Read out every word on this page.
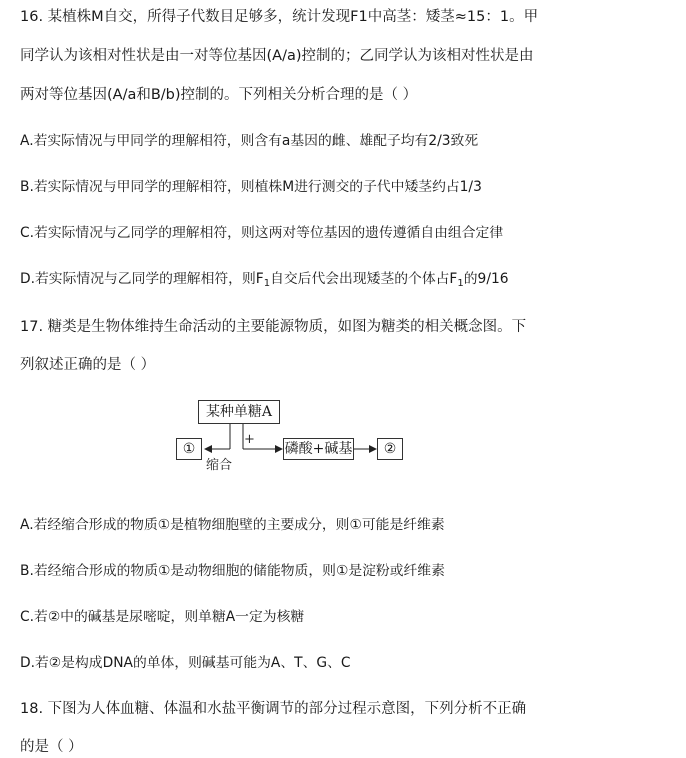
16. 某植株M自交，所得子代数目足够多，统计发现F1中高茎：矮茎≈15：1。甲
同学认为该相对性状是由一对等位基因(A/a)控制的；乙同学认为该相对性状是由
两对等位基因(A/a和B/b)控制的。下列相关分析合理的是（ ）
A.若实际情况与甲同学的理解相符，则含有a基因的雌、雄配子均有2/3致死
B.若实际情况与甲同学的理解相符，则植株M进行测交的子代中矮茎约占1/3
C.若实际情况与乙同学的理解相符，则这两对等位基因的遗传遵循自由组合定律
D.若实际情况与乙同学的理解相符，则$F_1$自交后代会出现矮茎的个体占$F_1$的9/16
17. 糖类是生物体维持生命活动的主要能源物质，如图为糖类的相关概念图。下
列叙述正确的是（ ）
某种单糖A
①	磷酸+碱基	②
+
缩合
A.若经缩合形成的物质①是植物细胞壁的主要成分，则①可能是纤维素
B.若经缩合形成的物质①是动物细胞的储能物质，则①是淀粉或纤维素
C.若②中的碱基是尿嘧啶，则单糖A一定为核糖
D.若②是构成DNA的单体，则碱基可能为A、T、G、C
18. 下图为人体血糖、体温和水盐平衡调节的部分过程示意图，下列分析不正确
的是（ ）
